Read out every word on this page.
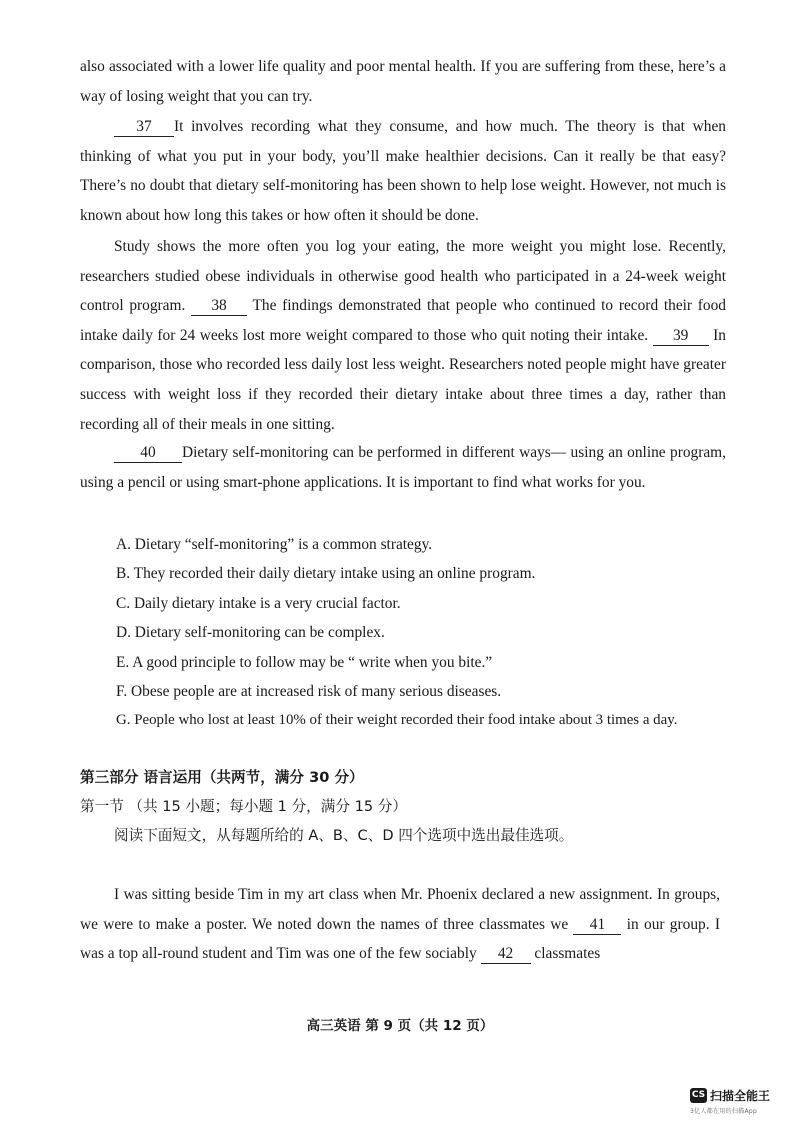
also associated with a lower life quality and poor mental health. If you are suffering from these, here’s a way of losing weight that you can try.

37 It involves recording what they consume, and how much. The theory is that when thinking of what you put in your body, you’ll make healthier decisions. Can it really be that easy? There’s no doubt that dietary self-monitoring has been shown to help lose weight. However, not much is known about how long this takes or how often it should be done.

Study shows the more often you log your eating, the more weight you might lose. Recently, researchers studied obese individuals in otherwise good health who participated in a 24-week weight control program. 38 The findings demonstrated that people who continued to record their food intake daily for 24 weeks lost more weight compared to those who quit noting their intake. 39 In comparison, those who recorded less daily lost less weight. Researchers noted people might have greater success with weight loss if they recorded their dietary intake about three times a day, rather than recording all of their meals in one sitting.

40 Dietary self-monitoring can be performed in different ways— using an online program, using a pencil or using smart-phone applications. It is important to find what works for you.

A. Dietary “self-monitoring” is a common strategy.
B. They recorded their daily dietary intake using an online program.
C. Daily dietary intake is a very crucial factor.
D. Dietary self-monitoring can be complex.
E. A good principle to follow may be “ write when you bite.”
F. Obese people are at increased risk of many serious diseases.
G. People who lost at least 10% of their weight recorded their food intake about 3 times a day.
第三部分 语言运用（共两节，满分 30 分）
第一节 （共 15 小题；每小题 1 分，满分 15 分）
阅读下面短文，从每题所给的 A、B、C、D 四个选项中选出最佳选项。

I was sitting beside Tim in my art class when Mr. Phoenix declared a new assignment. In groups, we were to make a poster. We noted down the names of three classmates we 41 in our group. I was a top all-round student and Tim was one of the few sociably 42 classmates

高三英语 第 9 页（共 12 页）
CS 扫描全能王
3亿人都在用的扫描App
